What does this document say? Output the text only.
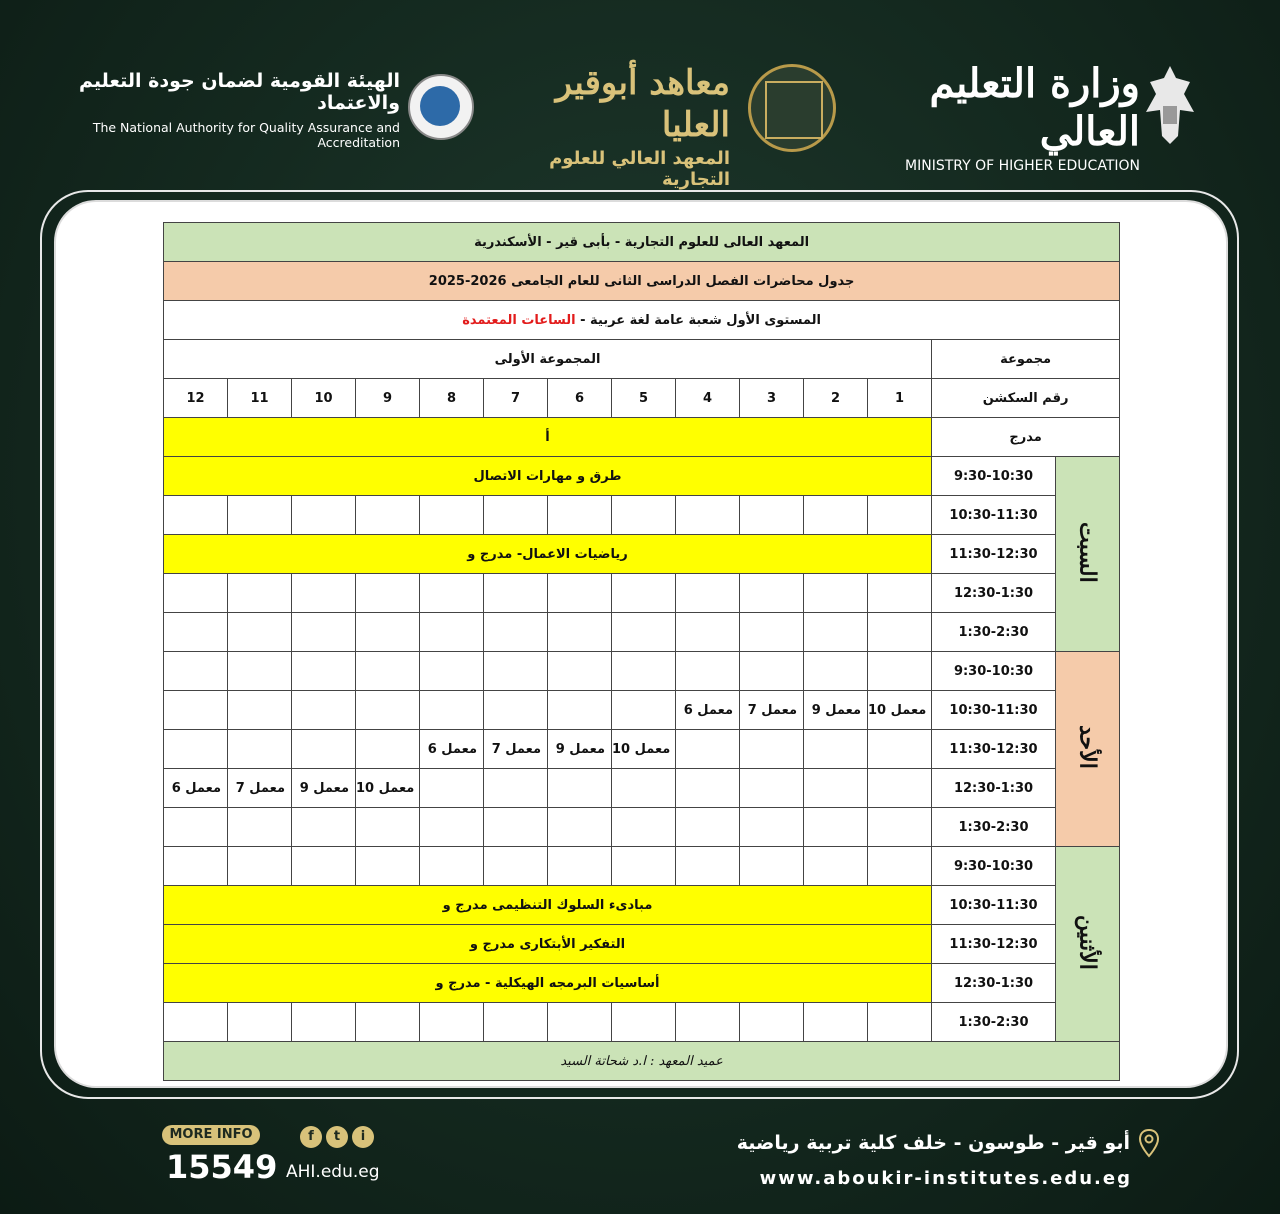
وزارة التعليم العالي
MINISTRY OF HIGHER EDUCATION
معاهد أبوقير العليا
المعهد العالي للعلوم التجارية
الهيئة القومية لضمان جودة التعليم والاعتماد
The National Authority for Quality Assurance and Accreditation
المعهد العالى للعلوم التجارية - بأبى قير - الأسكندرية													
جدول محاضرات الفصل الدراسى الثانى للعام الجامعى 2026-2025													
المستوى الأول شعبة عامة لغة عربية - الساعات المعتمدة													
المجموعة الأولى												مجموعة	
12	11	10	9	8	7	6	5	4	3	2	1	رقم السكشن	
أ												مدرج	
طرق و مهارات الاتصال												9:30-10:30	السبت
												10:30-11:30	
رياضيات الاعمال- مدرج و												11:30-12:30	
												12:30-1:30	
												1:30-2:30	
												9:30-10:30	الأحد
								معمل 6	معمل 7	معمل 9	معمل 10	10:30-11:30	
				معمل 6	معمل 7	معمل 9	معمل 10					11:30-12:30	
معمل 6	معمل 7	معمل 9	معمل 10									12:30-1:30	
												1:30-2:30	
												9:30-10:30	الأثنين
مبادىء السلوك التنظيمى مدرج و												10:30-11:30	
التفكير الأبتكارى مدرج و												11:30-12:30	
أساسيات البرمجه الهيكلية - مدرج و												12:30-1:30	
												1:30-2:30	
عميد المعهد : ا.د شحاتة السيد													
MORE INFO
15549
f t i
AHI.edu.eg
أبو قير - طوسون - خلف كلية تربية رياضية
www.aboukir-institutes.edu.eg
